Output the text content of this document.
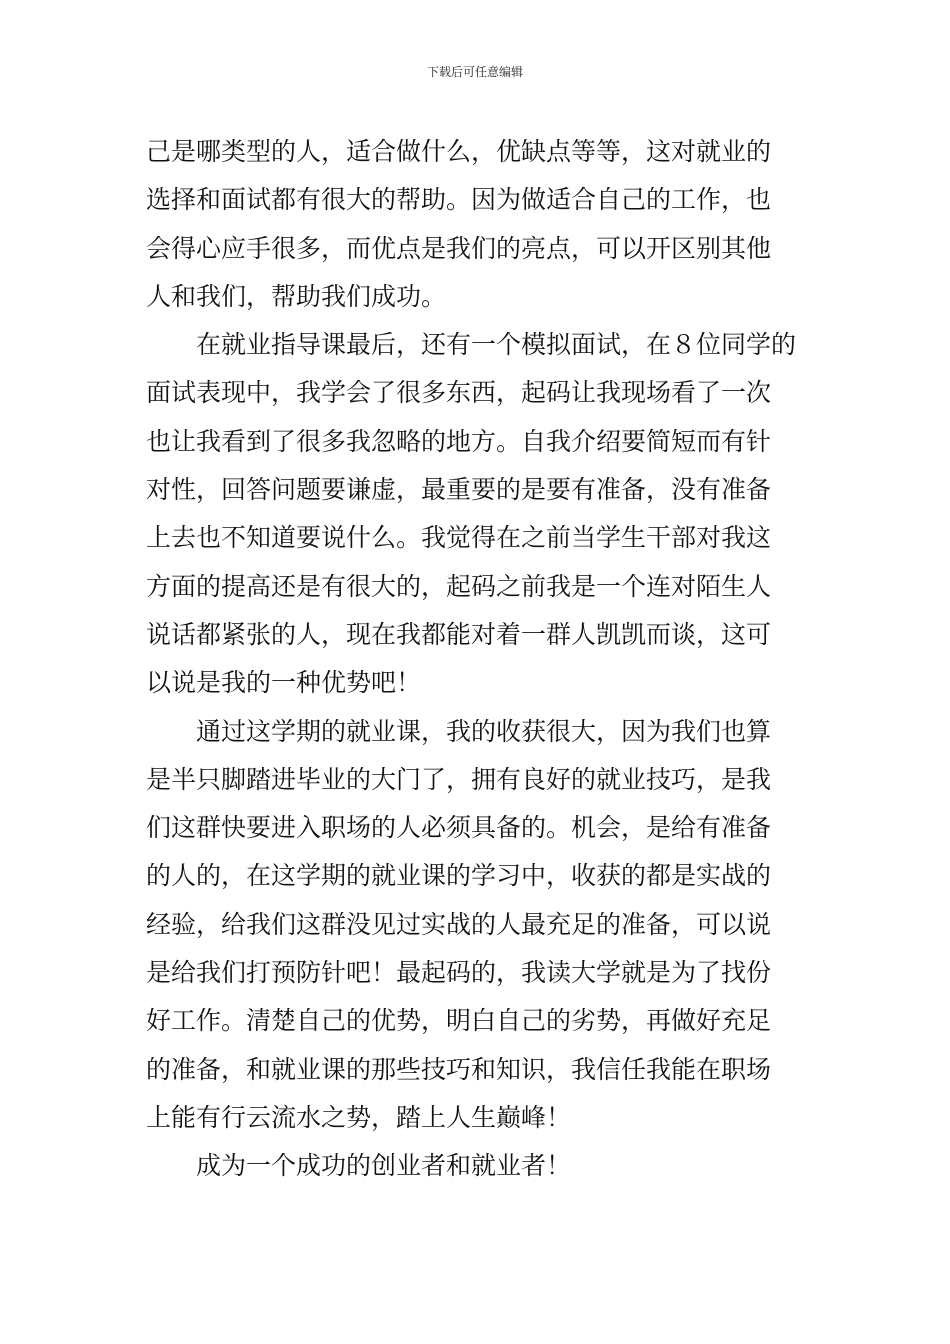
下载后可任意编辑
己是哪类型的人，适合做什么，优缺点等等，这对就业的
选择和面试都有很大的帮助。因为做适合自己的工作，也
会得心应手很多，而优点是我们的亮点，可以开区别其他
人和我们，帮助我们成功。
在就业指导课最后，还有一个模拟面试，在８位同学的
面试表现中，我学会了很多东西，起码让我现场看了一次
也让我看到了很多我忽略的地方。自我介绍要简短而有针
对性，回答问题要谦虚，最重要的是要有准备，没有准备
上去也不知道要说什么。我觉得在之前当学生干部对我这
方面的提高还是有很大的，起码之前我是一个连对陌生人
说话都紧张的人，现在我都能对着一群人凯凯而谈，这可
以说是我的一种优势吧！
通过这学期的就业课，我的收获很大，因为我们也算
是半只脚踏进毕业的大门了，拥有良好的就业技巧，是我
们这群快要进入职场的人必须具备的。机会，是给有准备
的人的，在这学期的就业课的学习中，收获的都是实战的
经验，给我们这群没见过实战的人最充足的准备，可以说
是给我们打预防针吧！最起码的，我读大学就是为了找份
好工作。清楚自己的优势，明白自己的劣势，再做好充足
的准备，和就业课的那些技巧和知识，我信任我能在职场
上能有行云流水之势，踏上人生巅峰！
成为一个成功的创业者和就业者！
